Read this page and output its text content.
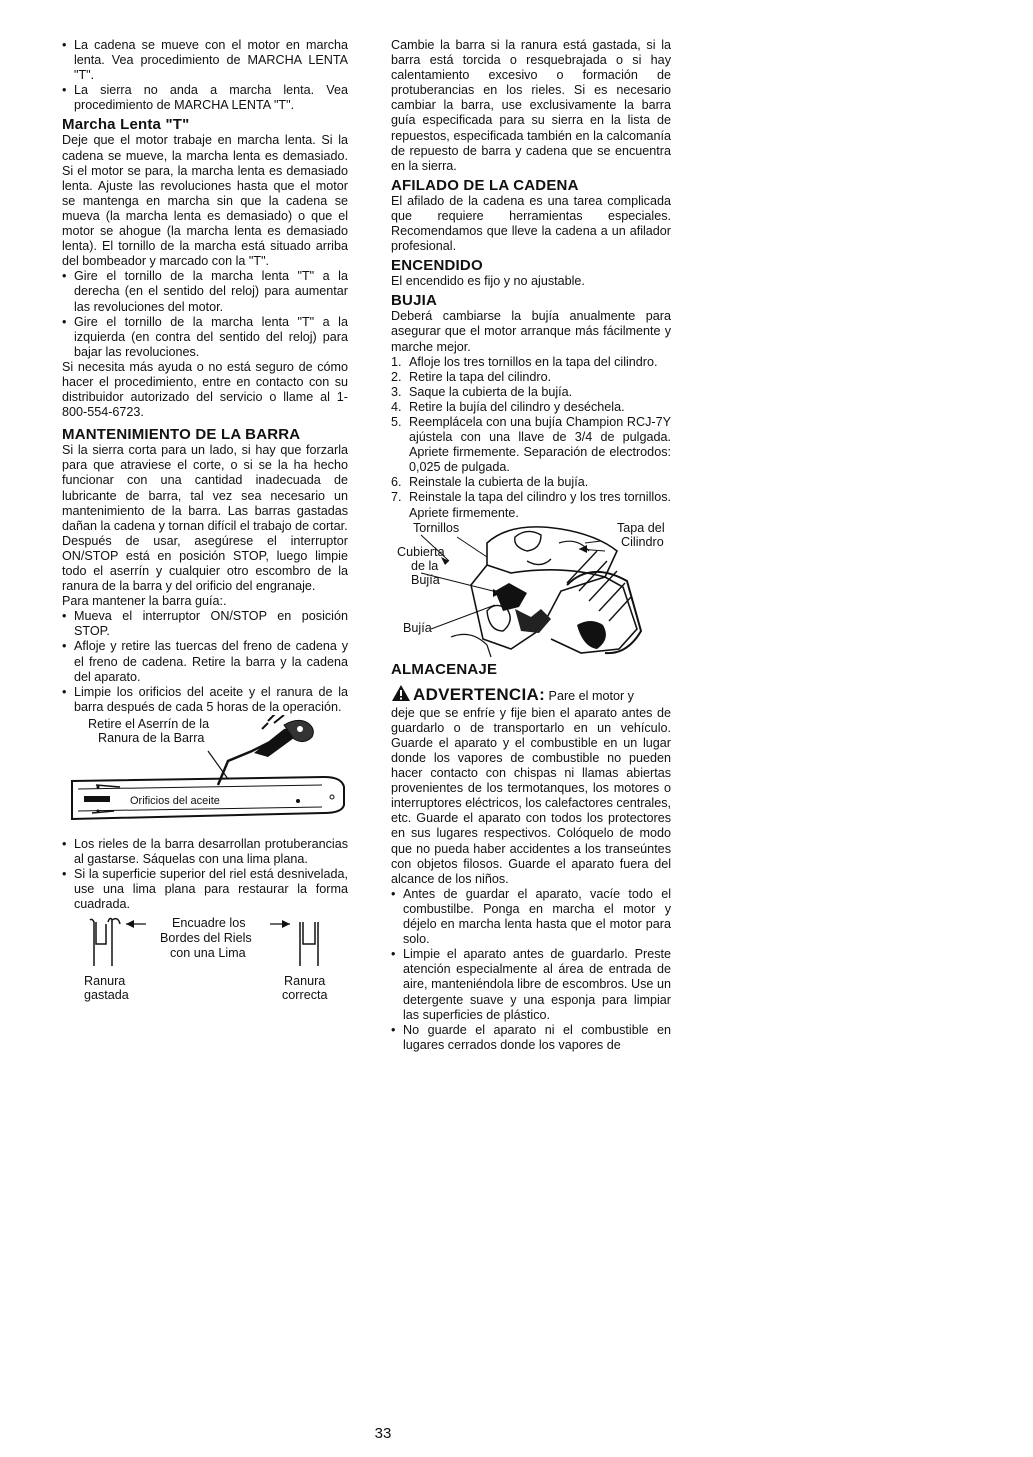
• La cadena se mueve con el motor en marcha lenta. Vea procedimiento de MARCHA LENTA "T".
• La sierra no anda a marcha lenta. Vea procedimiento de MARCHA LENTA "T".
Marcha Lenta "T"

Deje que el motor trabaje en marcha lenta. Si la cadena se mueve, la marcha lenta es demasiado. Si el motor se para, la marcha lenta es demasiado lenta. Ajuste las revoluciones hasta que el motor se mantenga en marcha sin que la cadena se mueva (la marcha lenta es demasiado) o que el motor se ahogue (la marcha lenta es demasiado lenta). El tornillo de la marcha está situado arriba del bombeador y marcado con la "T".

• Gire el tornillo de la marcha lenta "T" a la derecha (en el sentido del reloj) para aumentar las revoluciones del motor.
• Gire el tornillo de la marcha lenta "T" a la izquierda (en contra del sentido del reloj) para bajar las revoluciones.

Si necesita más ayuda o no está seguro de cómo hacer el procedimiento, entre en contacto con su distribuidor autorizado del servicio o llame al 1-800-554-6723.

MANTENIMIENTO DE LA BARRA

Si la sierra corta para un lado, si hay que forzarla para que atraviese el corte, o si se la ha hecho funcionar con una cantidad inadecuada de lubricante de barra, tal vez sea necesario un mantenimiento de la barra. Las barras gastadas dañan la cadena y tornan difícil el trabajo de cortar.

Después de usar, asegúrese el interruptor ON/STOP está en posición STOP, luego limpie todo el aserrín y cualquier otro escombro de la ranura de la barra y del orificio del engranaje.

Para mantener la barra guía:.

• Mueva el interruptor ON/STOP en posición STOP.
• Afloje y retire las tuercas del freno de cadena y el freno de cadena. Retire la barra y la cadena del aparato.
• Limpie los orificios del aceite y el ranura de la barra después de cada 5 horas de la operación.
Retire el Aserrín de la
Ranura de la Barra
Orificios del aceite
• Los rieles de la barra desarrollan protuberancias al gastarse. Sáquelas con una lima plana.
• Si la superficie superior del riel está desnivelada, use una lima plana para restaurar la forma cuadrada.
Encuadre los
Bordes del Riels
con una Lima
Ranura
gastada
Ranura
correcta

Cambie la barra si la ranura está gastada, si la barra está torcida o resquebrajada o si hay calentamiento excesivo o formación de protuberancias en los rieles. Si es necesario cambiar la barra, use exclusivamente la barra guía especificada para su sierra en la lista de repuestos, especificada también en la calcomanía de repuesto de barra y cadena que se encuentra en la sierra.

AFILADO DE LA CADENA

El afilado de la cadena es una tarea complicada que requiere herramientas especiales. Recomendamos que lleve la cadena a un afilador profesional.

ENCENDIDO

El encendido es fijo y no ajustable.

BUJIA

Deberá cambiarse la bujía anualmente para asegurar que el motor arranque más fácilmente y marche mejor.

1. Afloje los tres tornillos en la tapa del cilindro.
2. Retire la tapa del cilindro.
3. Saque la cubierta de la bujía.
4. Retire la bujía del cilindro y deséchela.
5. Reemplácela con una bujía Champion RCJ-7Y ajústela con una llave de 3/4 de pulgada. Apriete firmemente. Separación de electrodos: 0,025 de pulgada.
6. Reinstale la cubierta de la bujía.
7. Reinstale la tapa del cilindro y los tres tornillos. Apriete firmemente.
Tornillos	Tapa del
Cilindro
Cubierta
de la
Bujía
Bujía
ALMACENAJE
ADVERTENCIA: Pare el motor y

deje que se enfríe y fije bien el aparato antes de guardarlo o de transportarlo en un vehículo. Guarde el aparato y el combustible en un lugar donde los vapores de combustible no pueden hacer contacto con chispas ni llamas abiertas provenientes de los termotanques, los motores o interruptores eléctricos, los calefactores centrales, etc. Guarde el aparato con todos los protectores en sus lugares respectivos. Colóquelo de modo que no pueda haber accidentes a los transeúntes con objetos filosos. Guarde el aparato fuera del alcance de los niños.

• Antes de guardar el aparato, vacíe todo el combustilbe. Ponga en marcha el motor y déjelo en marcha lenta hasta que el motor para solo.
• Limpie el aparato antes de guardarlo. Preste atención especialmente al área de entrada de aire, manteniéndola libre de escombros. Use un detergente suave y una esponja para limpiar las superficies de plástico.
• No guarde el aparato ni el combustible en lugares cerrados donde los vapores de
33
